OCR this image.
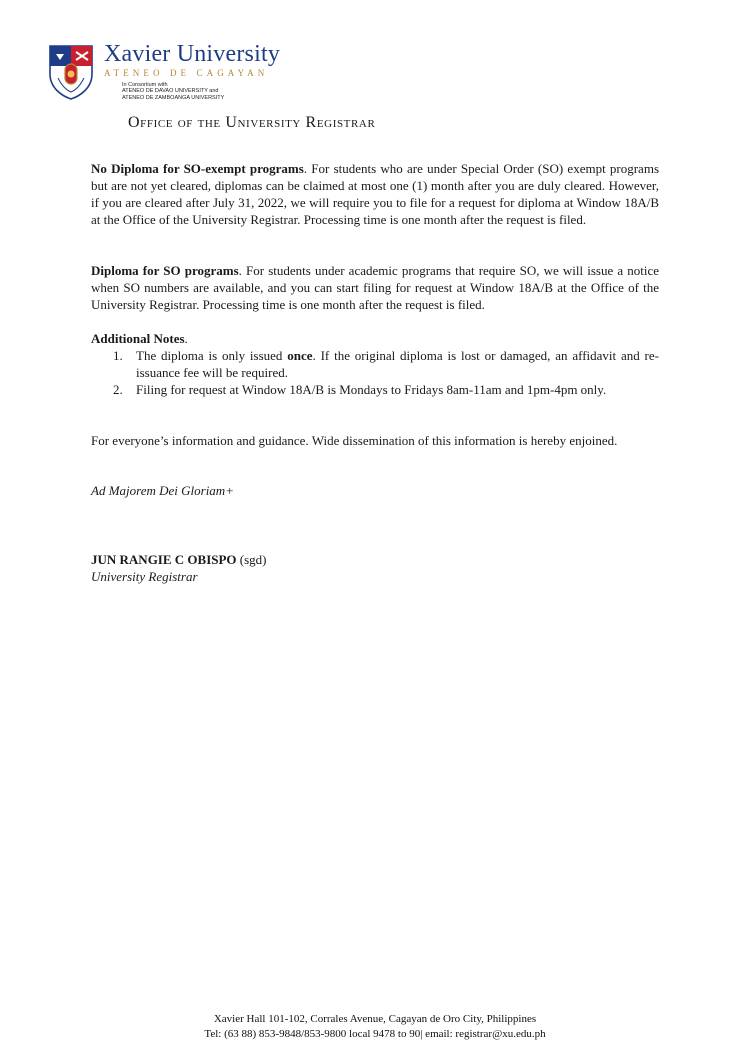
Xavier University
ATENEO DE CAGAYAN
In Consortium with
ATENEO DE DAVAO UNIVERSITY and
ATENEO DE ZAMBOANGA UNIVERSITY
Office of the University Registrar
No Diploma for SO-exempt programs. For students who are under Special Order (SO) exempt programs but are not yet cleared, diplomas can be claimed at most one (1) month after you are duly cleared. However, if you are cleared after July 31, 2022, we will require you to file for a request for diploma at Window 18A/B at the Office of the University Registrar. Processing time is one month after the request is filed.
Diploma for SO programs. For students under academic programs that require SO, we will issue a notice when SO numbers are available, and you can start filing for request at Window 18A/B at the Office of the University Registrar. Processing time is one month after the request is filed.
Additional Notes.
1. The diploma is only issued once. If the original diploma is lost or damaged, an affidavit and re-issuance fee will be required.
2. Filing for request at Window 18A/B is Mondays to Fridays 8am-11am and 1pm-4pm only.
For everyone’s information and guidance. Wide dissemination of this information is hereby enjoined.
Ad Majorem Dei Gloriam+
JUN RANGIE C OBISPO (sgd)
University Registrar
Xavier Hall 101-102, Corrales Avenue, Cagayan de Oro City, Philippines
Tel: (63 88) 853-9848/853-9800 local 9478 to 90| email: registrar@xu.edu.ph
